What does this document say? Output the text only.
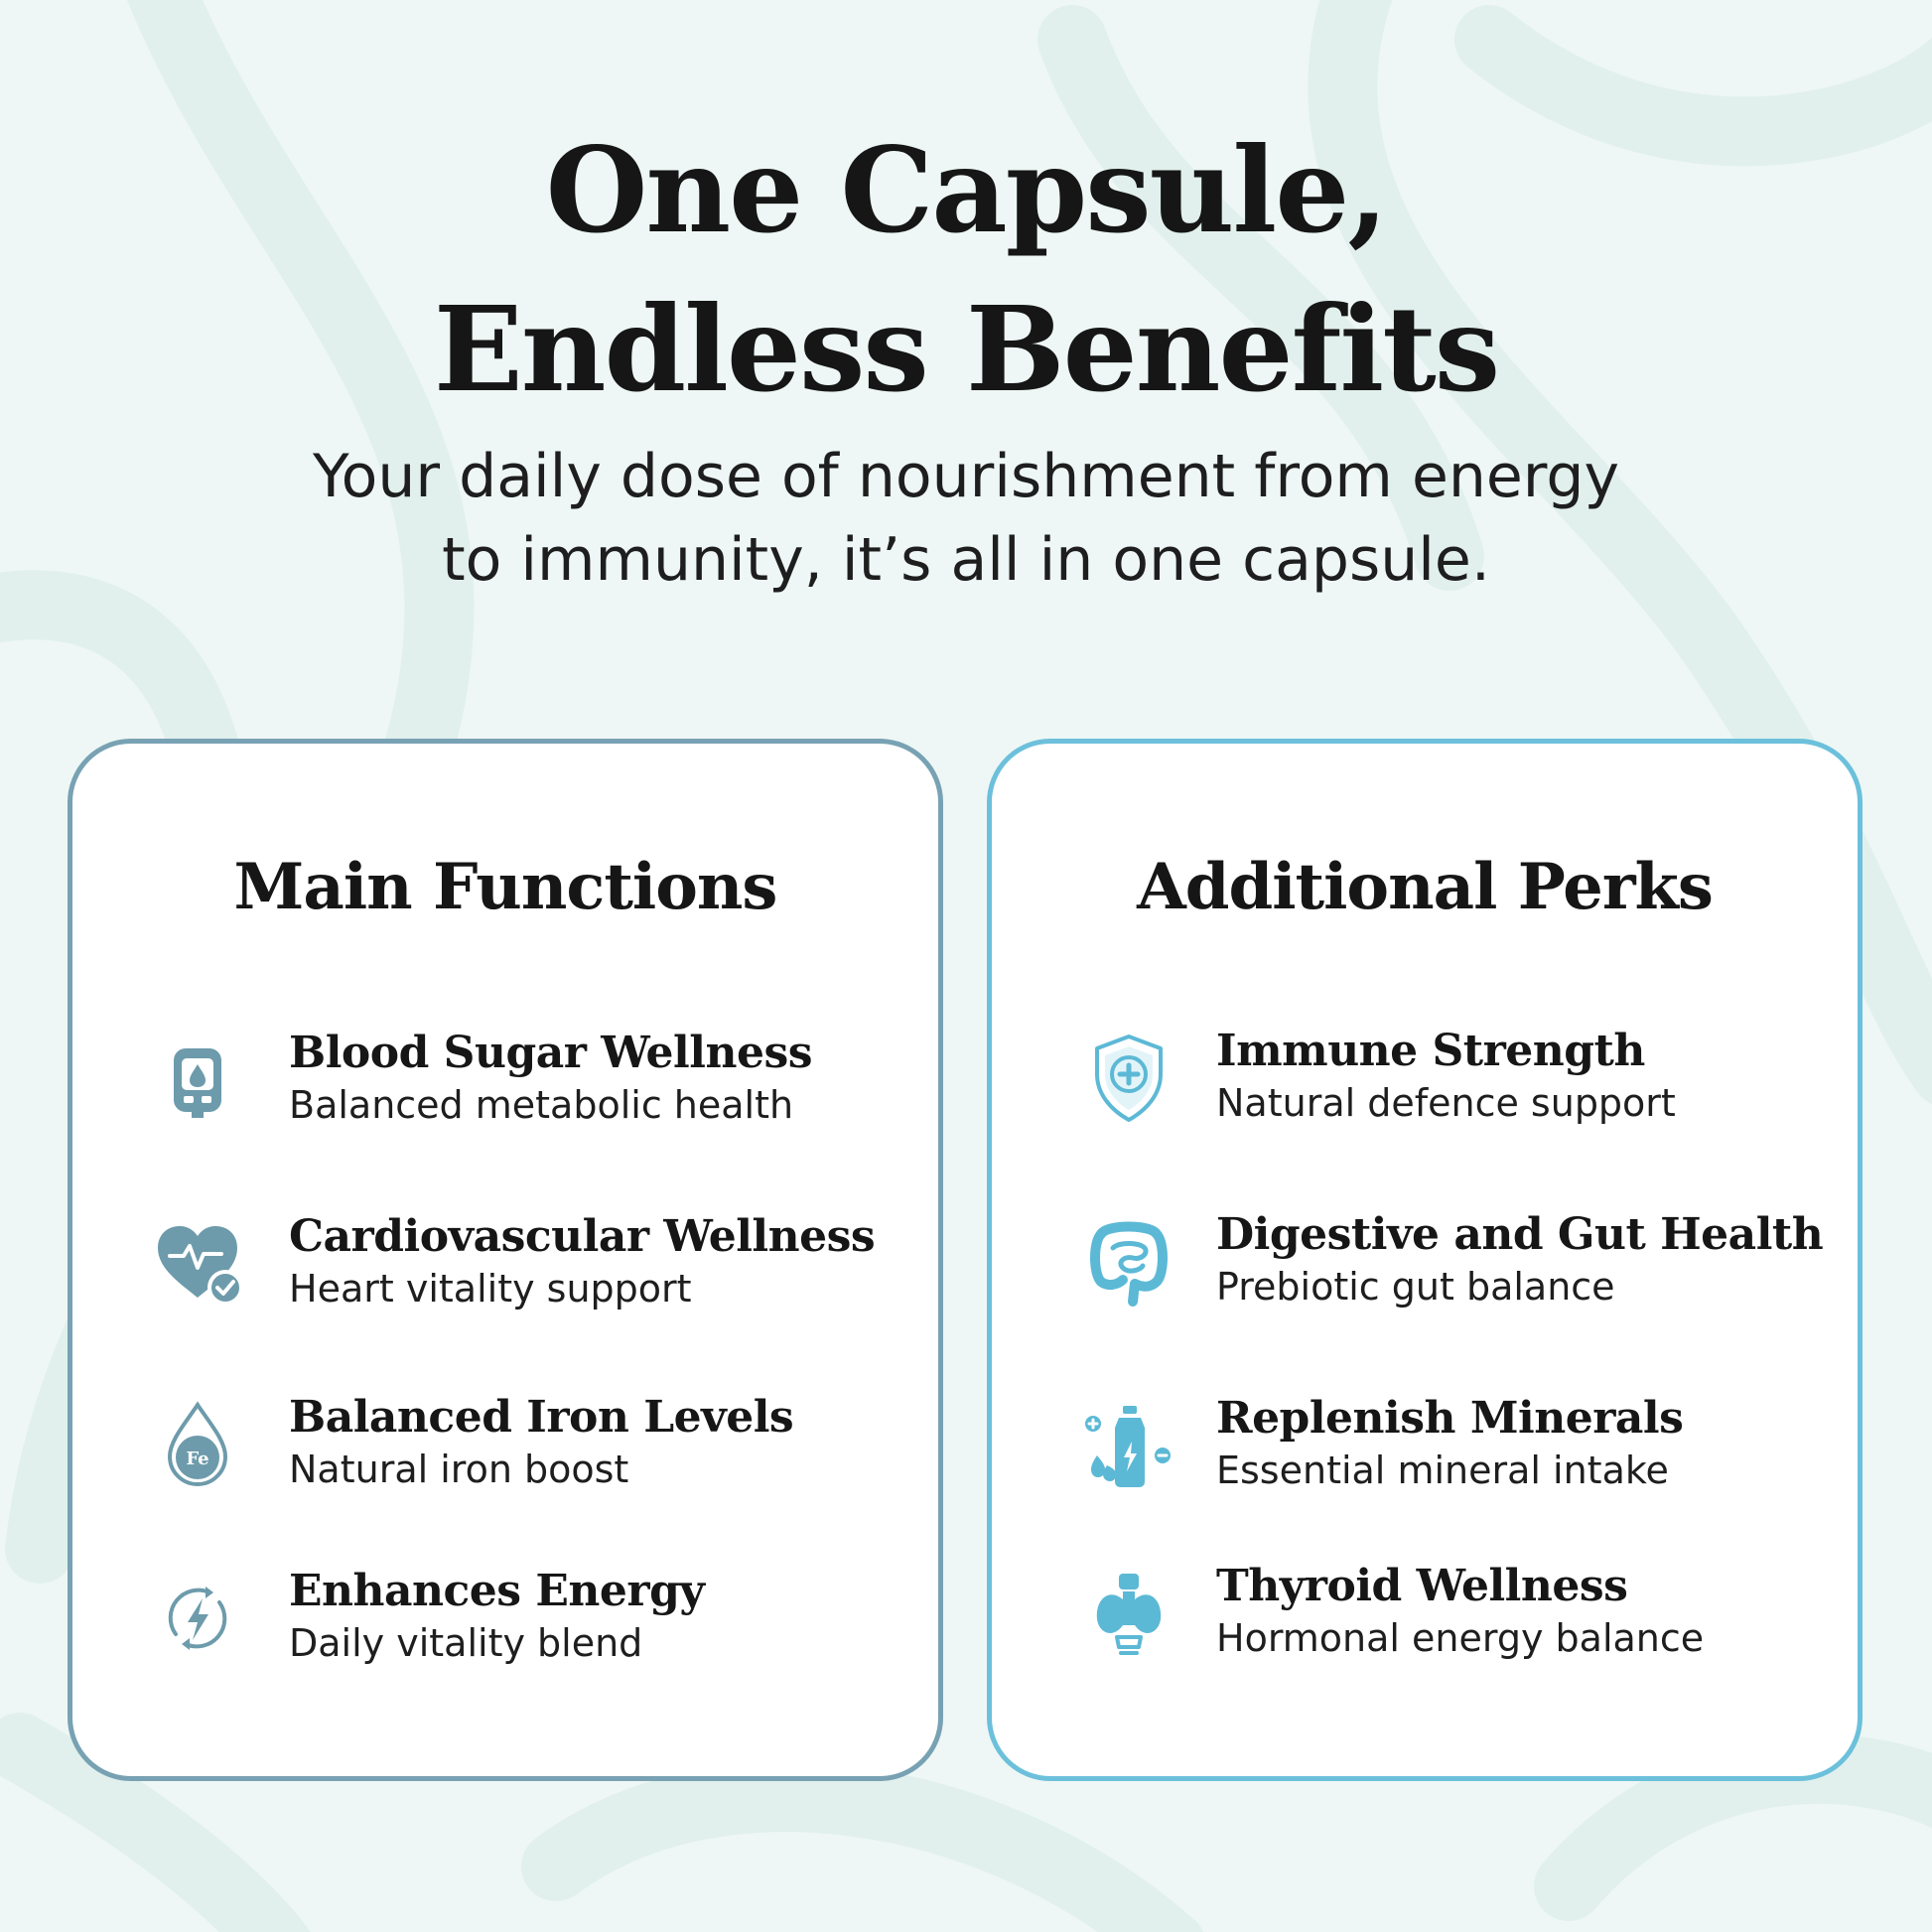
One Capsule,
Endless Benefits

Your daily dose of nourishment from energy
to immunity, it’s all in one capsule.

Main Functions
Blood Sugar Wellness
Balanced metabolic health
Cardiovascular Wellness
Heart vitality support
Fe
Balanced Iron Levels
Natural iron boost
Enhances Energy
Daily vitality blend
Additional Perks
Immune Strength
Natural defence support
Digestive and Gut Health
Prebiotic gut balance
Replenish Minerals
Essential mineral intake
Thyroid Wellness
Hormonal energy balance
